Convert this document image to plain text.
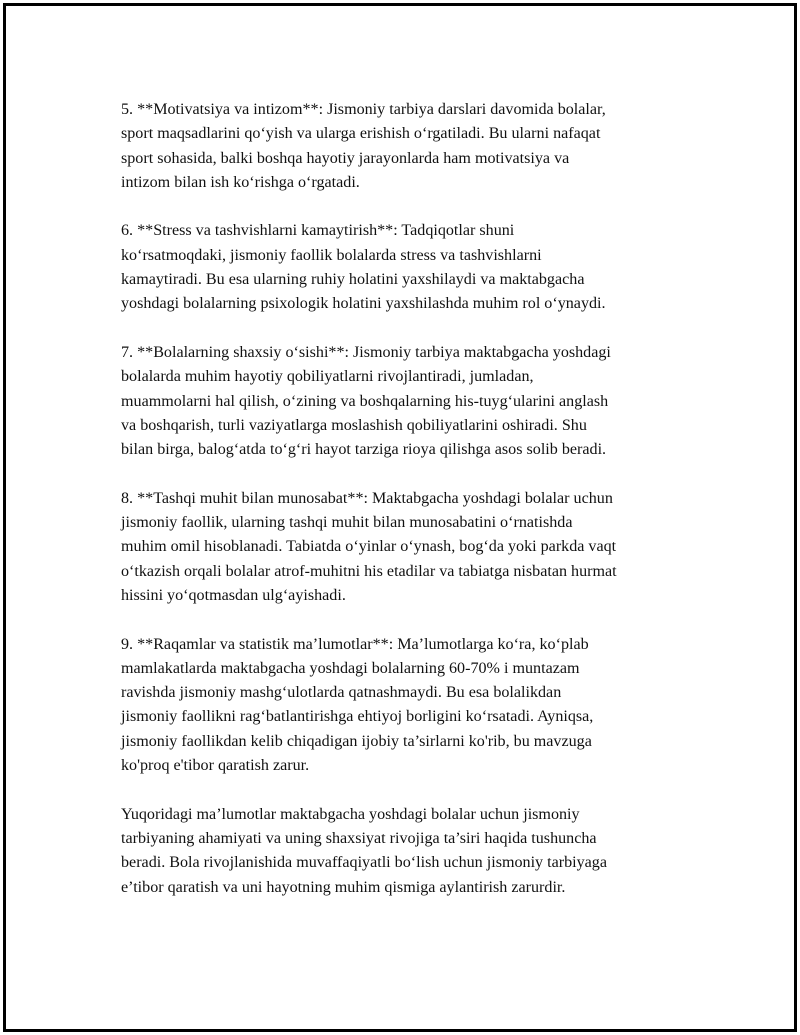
5. **Motivatsiya va intizom**: Jismoniy tarbiya darslari davomida bolalar,
sport maqsadlarini qo‘yish va ularga erishish o‘rgatiladi. Bu ularni nafaqat
sport sohasida, balki boshqa hayotiy jarayonlarda ham motivatsiya va
intizom bilan ish ko‘rishga o‘rgatadi.

6. **Stress va tashvishlarni kamaytirish**: Tadqiqotlar shuni
ko‘rsatmoqdaki, jismoniy faollik bolalarda stress va tashvishlarni
kamaytiradi. Bu esa ularning ruhiy holatini yaxshilaydi va maktabgacha
yoshdagi bolalarning psixologik holatini yaxshilashda muhim rol o‘ynaydi.

7. **Bolalarning shaxsiy o‘sishi**: Jismoniy tarbiya maktabgacha yoshdagi
bolalarda muhim hayotiy qobiliyatlarni rivojlantiradi, jumladan,
muammolarni hal qilish, o‘zining va boshqalarning his-tuyg‘ularini anglash
va boshqarish, turli vaziyatlarga moslashish qobiliyatlarini oshiradi. Shu
bilan birga, balog‘atda to‘g‘ri hayot tarziga rioya qilishga asos solib beradi.

8. **Tashqi muhit bilan munosabat**: Maktabgacha yoshdagi bolalar uchun
jismoniy faollik, ularning tashqi muhit bilan munosabatini o‘rnatishda
muhim omil hisoblanadi. Tabiatda o‘yinlar o‘ynash, bog‘da yoki parkda vaqt
o‘tkazish orqali bolalar atrof-muhitni his etadilar va tabiatga nisbatan hurmat
hissini yo‘qotmasdan ulg‘ayishadi.

9. **Raqamlar va statistik ma’lumotlar**: Ma’lumotlarga ko‘ra, ko‘plab
mamlakatlarda maktabgacha yoshdagi bolalarning 60-70% i muntazam
ravishda jismoniy mashg‘ulotlarda qatnashmaydi. Bu esa bolalikdan
jismoniy faollikni rag‘batlantirishga ehtiyoj borligini ko‘rsatadi. Ayniqsa,
jismoniy faollikdan kelib chiqadigan ijobiy ta’sirlarni ko'rib, bu mavzuga
ko'proq e'tibor qaratish zarur.

Yuqoridagi ma’lumotlar maktabgacha yoshdagi bolalar uchun jismoniy
tarbiyaning ahamiyati va uning shaxsiyat rivojiga ta’siri haqida tushuncha
beradi. Bola rivojlanishida muvaffaqiyatli bo‘lish uchun jismoniy tarbiyaga
e’tibor qaratish va uni hayotning muhim qismiga aylantirish zarurdir.
